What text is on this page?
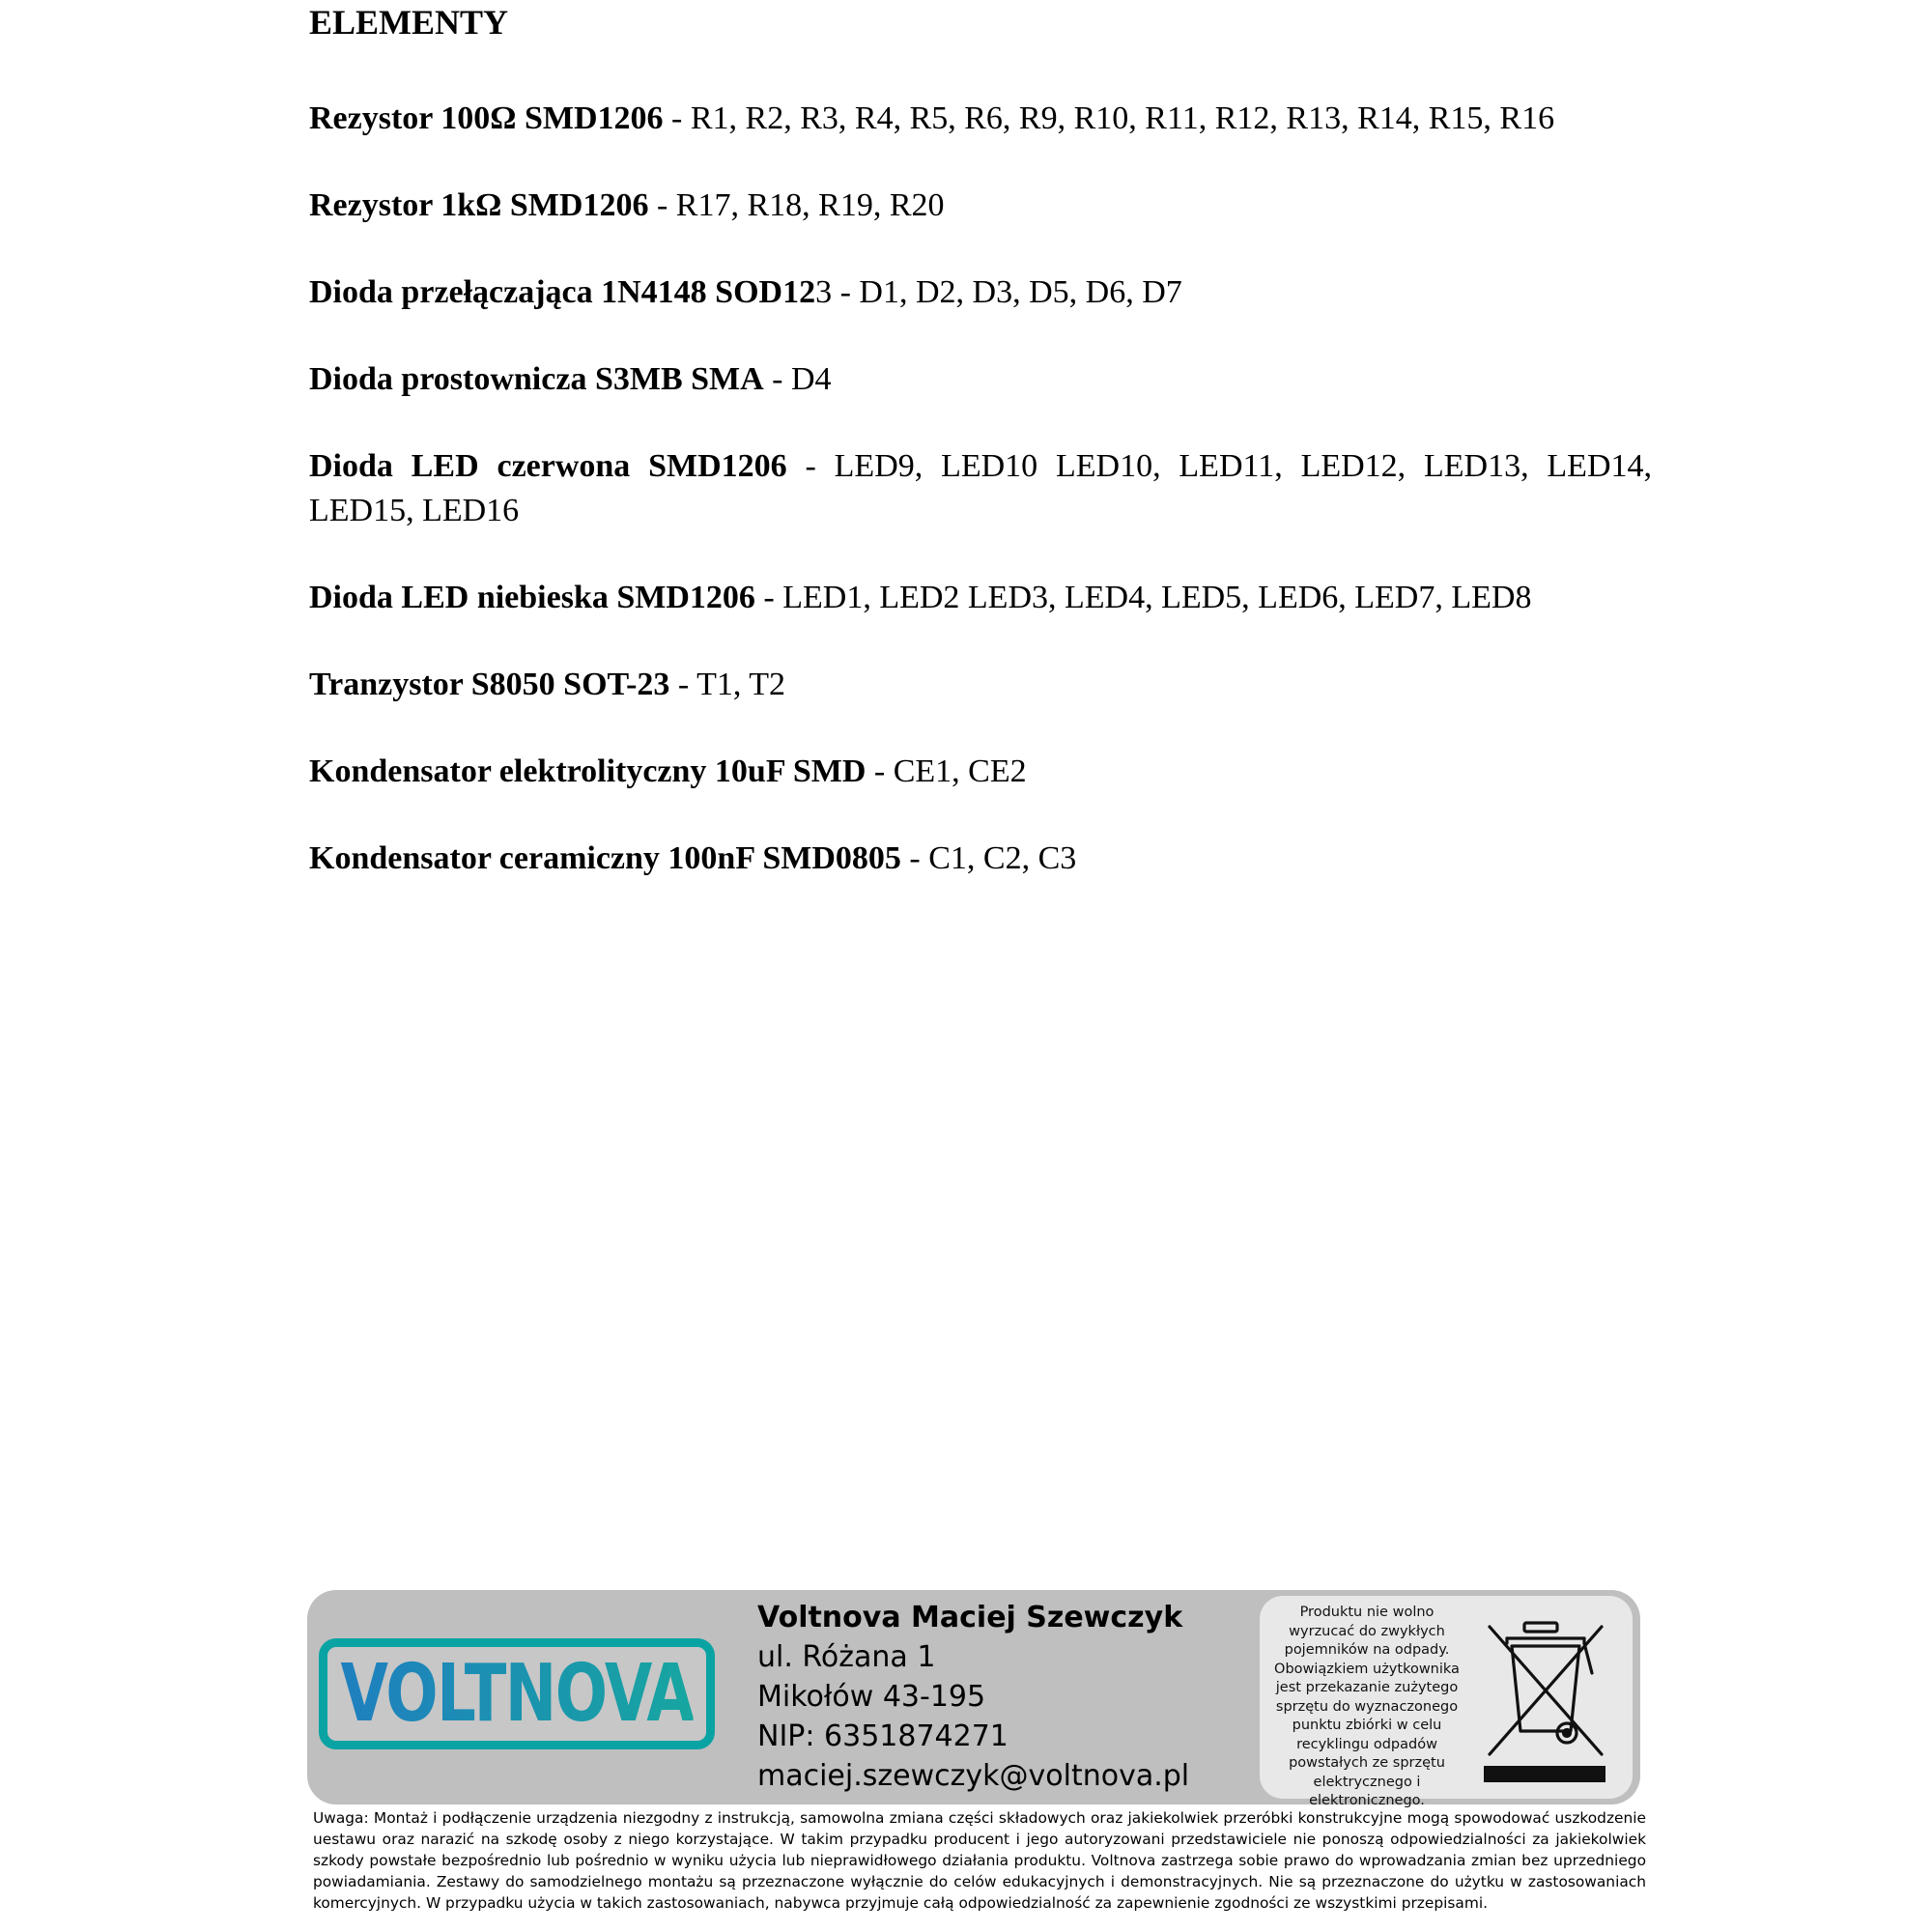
ELEMENTY
Rezystor 100Ω SMD1206 - R1, R2, R3, R4, R5, R6, R9, R10, R11, R12, R13, R14, R15, R16
Rezystor 1kΩ SMD1206 - R17, R18, R19, R20
Dioda przełączająca 1N4148 SOD123 - D1, D2, D3, D5, D6, D7
Dioda prostownicza S3MB SMA - D4
Dioda LED czerwona SMD1206 - LED9, LED10 LED10, LED11, LED12, LED13, LED14, LED15, LED16
Dioda LED niebieska SMD1206 - LED1, LED2 LED3, LED4, LED5, LED6, LED7, LED8
Tranzystor S8050 SOT-23 - T1, T2
Kondensator elektrolityczny 10uF SMD - CE1, CE2
Kondensator ceramiczny 100nF SMD0805 - C1, C2, C3
VOLTNOVA
Voltnova Maciej Szewczyk
ul. Różana 1
Mikołów 43-195
NIP: 6351874271
maciej.szewczyk@voltnova.pl
Produktu nie wolno wyrzucać do zwykłych pojemników na odpady. Obowiązkiem użytkownika jest przekazanie zużytego sprzętu do wyznaczonego punktu zbiórki w celu recyklingu odpadów powstałych ze sprzętu elektrycznego i elektronicznego.

Uwaga: Montaż i podłączenie urządzenia niezgodny z instrukcją, samowolna zmiana części składowych oraz jakiekolwiek przeróbki konstrukcyjne mogą spowodować uszkodzenie uestawu oraz narazić na szkodę osoby z niego korzystające. W takim przypadku producent i jego autoryzowani przedstawiciele nie ponoszą odpowiedzialności za jakiekolwiek szkody powstałe bezpośrednio lub pośrednio w wyniku użycia lub nieprawidłowego działania produktu. Voltnova zastrzega sobie prawo do wprowadzania zmian bez uprzedniego powiadamiania. Zestawy do samodzielnego montażu są przeznaczone wyłącznie do celów edukacyjnych i demonstracyjnych. Nie są przeznaczone do użytku w zastosowaniach komercyjnych. W przypadku użycia w takich zastosowaniach, nabywca przyjmuje całą odpowiedzialność za zapewnienie zgodności ze wszystkimi przepisami.
